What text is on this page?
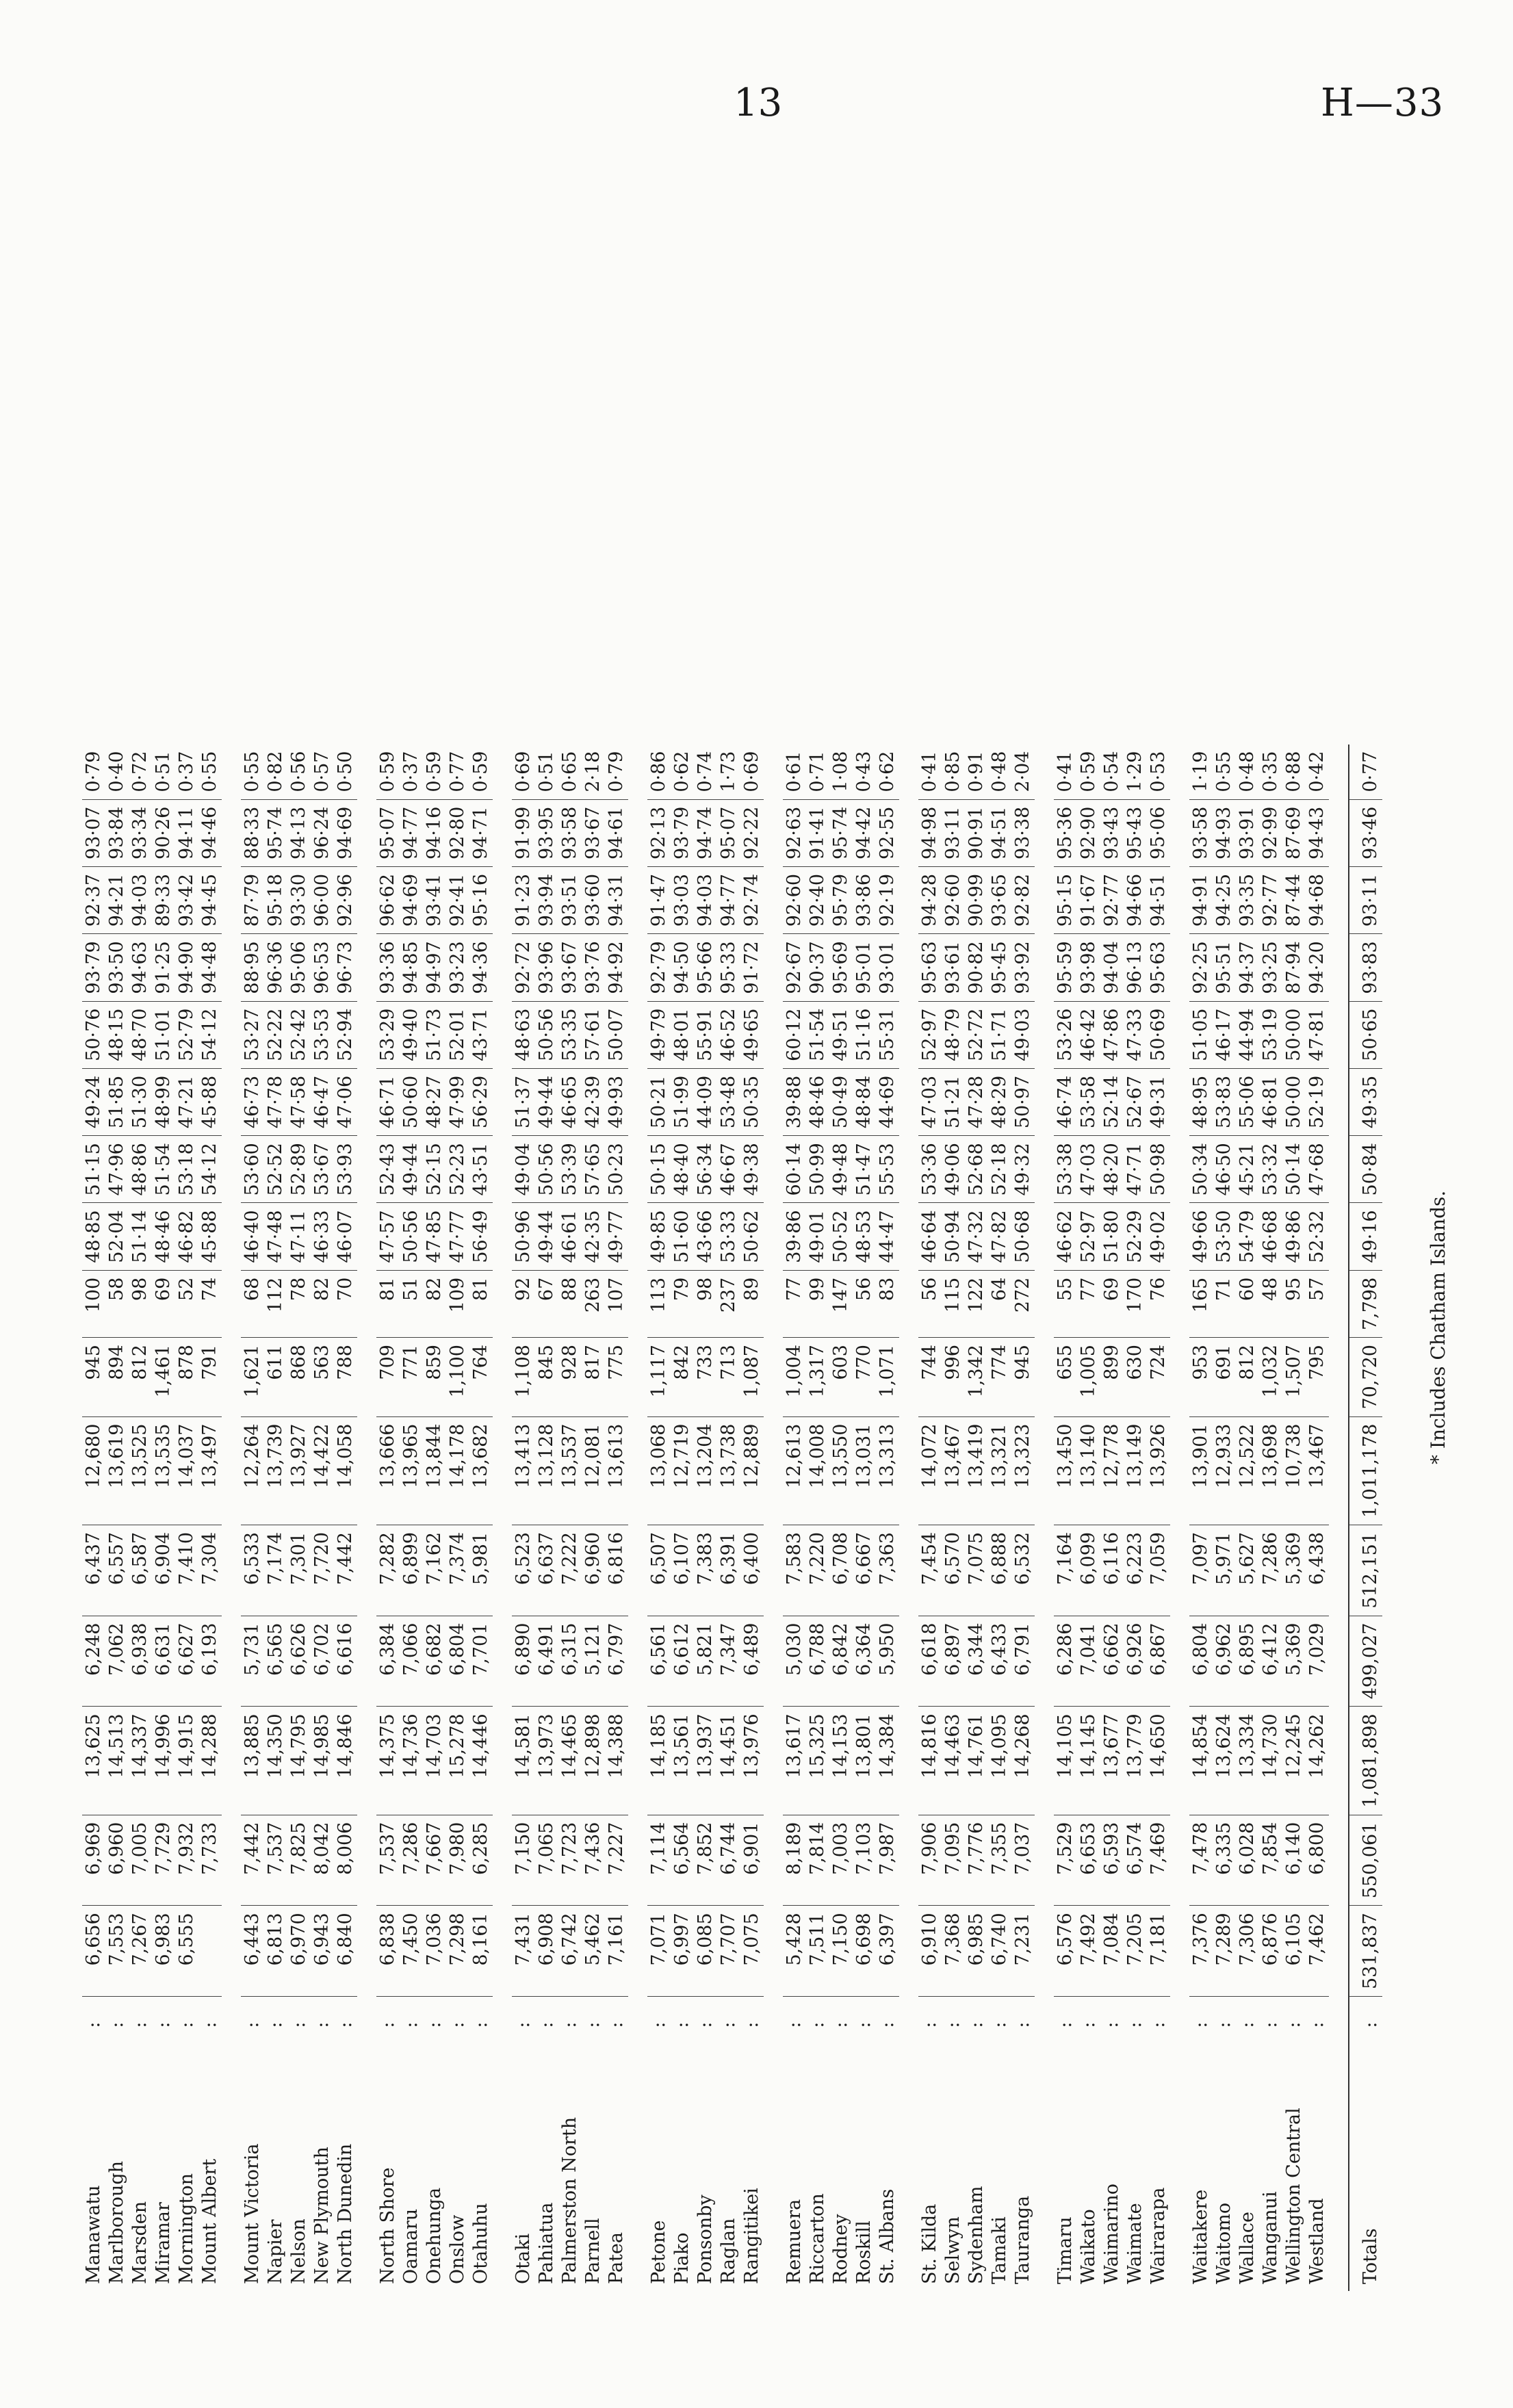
13	H—33
Manawatu	:	6,656	6,969	13,625	6,248	6,437	12,680	945	100	48·85	51·15	49·24	50·76	93·79	92·37	93·07	0·79
Marlborough	:	7,553	6,960	14,513	7,062	6,557	13,619	894	58	52·04	47·96	51·85	48·15	93·50	94·21	93·84	0·40
Marsden	:	7,267	7,005	14,337	6,938	6,587	13,525	812	98	51·14	48·86	51·30	48·70	94·63	94·03	93·34	0·72
Miramar	:	6,983	7,729	14,996	6,631	6,904	13,535	1,461	69	48·46	51·54	48·99	51·01	91·25	89·33	90·26	0·51
Mornington	:	6,555	7,932	14,915	6,627	7,410	14,037	878	52	46·82	53·18	47·21	52·79	94·90	93·42	94·11	0·37
Mount Albert	:		7,733	14,288	6,193	7,304	13,497	791	74	45·88	54·12	45·88	54·12	94·48	94·45	94·46	0·55

Mount Victoria	:	6,443	7,442	13,885	5,731	6,533	12,264	1,621	68	46·40	53·60	46·73	53·27	88·95	87·79	88·33	0·55
Napier	:	6,813	7,537	14,350	6,565	7,174	13,739	611	112	47·48	52·52	47·78	52·22	96·36	95·18	95·74	0·82
Nelson	:	6,970	7,825	14,795	6,626	7,301	13,927	868	78	47·11	52·89	47·58	52·42	95·06	93·30	94·13	0·56
New Plymouth	:	6,943	8,042	14,985	6,702	7,720	14,422	563	82	46·33	53·67	46·47	53·53	96·53	96·00	96·24	0·57
North Dunedin	:	6,840	8,006	14,846	6,616	7,442	14,058	788	70	46·07	53·93	47·06	52·94	96·73	92·96	94·69	0·50

North Shore	:	6,838	7,537	14,375	6,384	7,282	13,666	709	81	47·57	52·43	46·71	53·29	93·36	96·62	95·07	0·59
Oamaru	:	7,450	7,286	14,736	7,066	6,899	13,965	771	51	50·56	49·44	50·60	49·40	94·85	94·69	94·77	0·37
Onehunga	:	7,036	7,667	14,703	6,682	7,162	13,844	859	82	47·85	52·15	48·27	51·73	94·97	93·41	94·16	0·59
Onslow	:	7,298	7,980	15,278	6,804	7,374	14,178	1,100	109	47·77	52·23	47·99	52·01	93·23	92·41	92·80	0·77
Otahuhu	:	8,161	6,285	14,446	7,701	5,981	13,682	764	81	56·49	43·51	56·29	43·71	94·36	95·16	94·71	0·59

Otaki	:	7,431	7,150	14,581	6,890	6,523	13,413	1,108	92	50·96	49·04	51·37	48·63	92·72	91·23	91·99	0·69
Pahiatua	:	6,908	7,065	13,973	6,491	6,637	13,128	845	67	49·44	50·56	49·44	50·56	93·96	93·94	93·95	0·51
Palmerston North	:	6,742	7,723	14,465	6,315	7,222	13,537	928	88	46·61	53·39	46·65	53·35	93·67	93·51	93·58	0·65
Parnell	:	5,462	7,436	12,898	5,121	6,960	12,081	817	263	42·35	57·65	42·39	57·61	93·76	93·60	93·67	2·18
Patea	:	7,161	7,227	14,388	6,797	6,816	13,613	775	107	49·77	50·23	49·93	50·07	94·92	94·31	94·61	0·79

Petone	:	7,071	7,114	14,185	6,561	6,507	13,068	1,117	113	49·85	50·15	50·21	49·79	92·79	91·47	92·13	0·86
Piako	:	6,997	6,564	13,561	6,612	6,107	12,719	842	79	51·60	48·40	51·99	48·01	94·50	93·03	93·79	0·62
Ponsonby	:	6,085	7,852	13,937	5,821	7,383	13,204	733	98	43·66	56·34	44·09	55·91	95·66	94·03	94·74	0·74
Raglan	:	7,707	6,744	14,451	7,347	6,391	13,738	713	237	53·33	46·67	53·48	46·52	95·33	94·77	95·07	1·73
Rangitikei	:	7,075	6,901	13,976	6,489	6,400	12,889	1,087	89	50·62	49·38	50·35	49·65	91·72	92·74	92·22	0·69

Remuera	:	5,428	8,189	13,617	5,030	7,583	12,613	1,004	77	39·86	60·14	39·88	60·12	92·67	92·60	92·63	0·61
Riccarton	:	7,511	7,814	15,325	6,788	7,220	14,008	1,317	99	49·01	50·99	48·46	51·54	90·37	92·40	91·41	0·71
Rodney	:	7,150	7,003	14,153	6,842	6,708	13,550	603	147	50·52	49·48	50·49	49·51	95·69	95·79	95·74	1·08
Roskill	:	6,698	7,103	13,801	6,364	6,667	13,031	770	56	48·53	51·47	48·84	51·16	95·01	93·86	94·42	0·43
St. Albans	:	6,397	7,987	14,384	5,950	7,363	13,313	1,071	83	44·47	55·53	44·69	55·31	93·01	92·19	92·55	0·62

St. Kilda	:	6,910	7,906	14,816	6,618	7,454	14,072	744	56	46·64	53·36	47·03	52·97	95·63	94·28	94·98	0·41
Selwyn	:	7,368	7,095	14,463	6,897	6,570	13,467	996	115	50·94	49·06	51·21	48·79	93·61	92·60	93·11	0·85
Sydenham	:	6,985	7,776	14,761	6,344	7,075	13,419	1,342	122	47·32	52·68	47·28	52·72	90·82	90·99	90·91	0·91
Tamaki	:	6,740	7,355	14,095	6,433	6,888	13,321	774	64	47·82	52·18	48·29	51·71	95·45	93·65	94·51	0·48
Tauranga	:	7,231	7,037	14,268	6,791	6,532	13,323	945	272	50·68	49·32	50·97	49·03	93·92	92·82	93·38	2·04

Timaru	:	6,576	7,529	14,105	6,286	7,164	13,450	655	55	46·62	53·38	46·74	53·26	95·59	95·15	95·36	0·41
Waikato	:	7,492	6,653	14,145	7,041	6,099	13,140	1,005	77	52·97	47·03	53·58	46·42	93·98	91·67	92·90	0·59
Waimarino	:	7,084	6,593	13,677	6,662	6,116	12,778	899	69	51·80	48·20	52·14	47·86	94·04	92·77	93·43	0·54
Waimate	:	7,205	6,574	13,779	6,926	6,223	13,149	630	170	52·29	47·71	52·67	47·33	96·13	94·66	95·43	1·29
Wairarapa	:	7,181	7,469	14,650	6,867	7,059	13,926	724	76	49·02	50·98	49·31	50·69	95·63	94·51	95·06	0·53

Waitakere	:	7,376	7,478	14,854	6,804	7,097	13,901	953	165	49·66	50·34	48·95	51·05	92·25	94·91	93·58	1·19
Waitomo	:	7,289	6,335	13,624	6,962	5,971	12,933	691	71	53·50	46·50	53·83	46·17	95·51	94·25	94·93	0·55
Wallace	:	7,306	6,028	13,334	6,895	5,627	12,522	812	60	54·79	45·21	55·06	44·94	94·37	93·35	93·91	0·48
Wanganui	:	6,876	7,854	14,730	6,412	7,286	13,698	1,032	48	46·68	53·32	46·81	53·19	93·25	92·77	92·99	0·35
Wellington Central	:	6,105	6,140	12,245	5,369	5,369	10,738	1,507	95	49·86	50·14	50·00	50·00	87·94	87·44	87·69	0·88
Westland	:	7,462	6,800	14,262	7,029	6,438	13,467	795	57	52·32	47·68	52·19	47·81	94·20	94·68	94·43	0·42

Totals	:	531,837	550,061	1,081,898	499,027	512,151	1,011,178	70,720	7,798	49·16	50·84	49·35	50·65	93·83	93·11	93·46	0·77
* Includes Chatham Islands.
